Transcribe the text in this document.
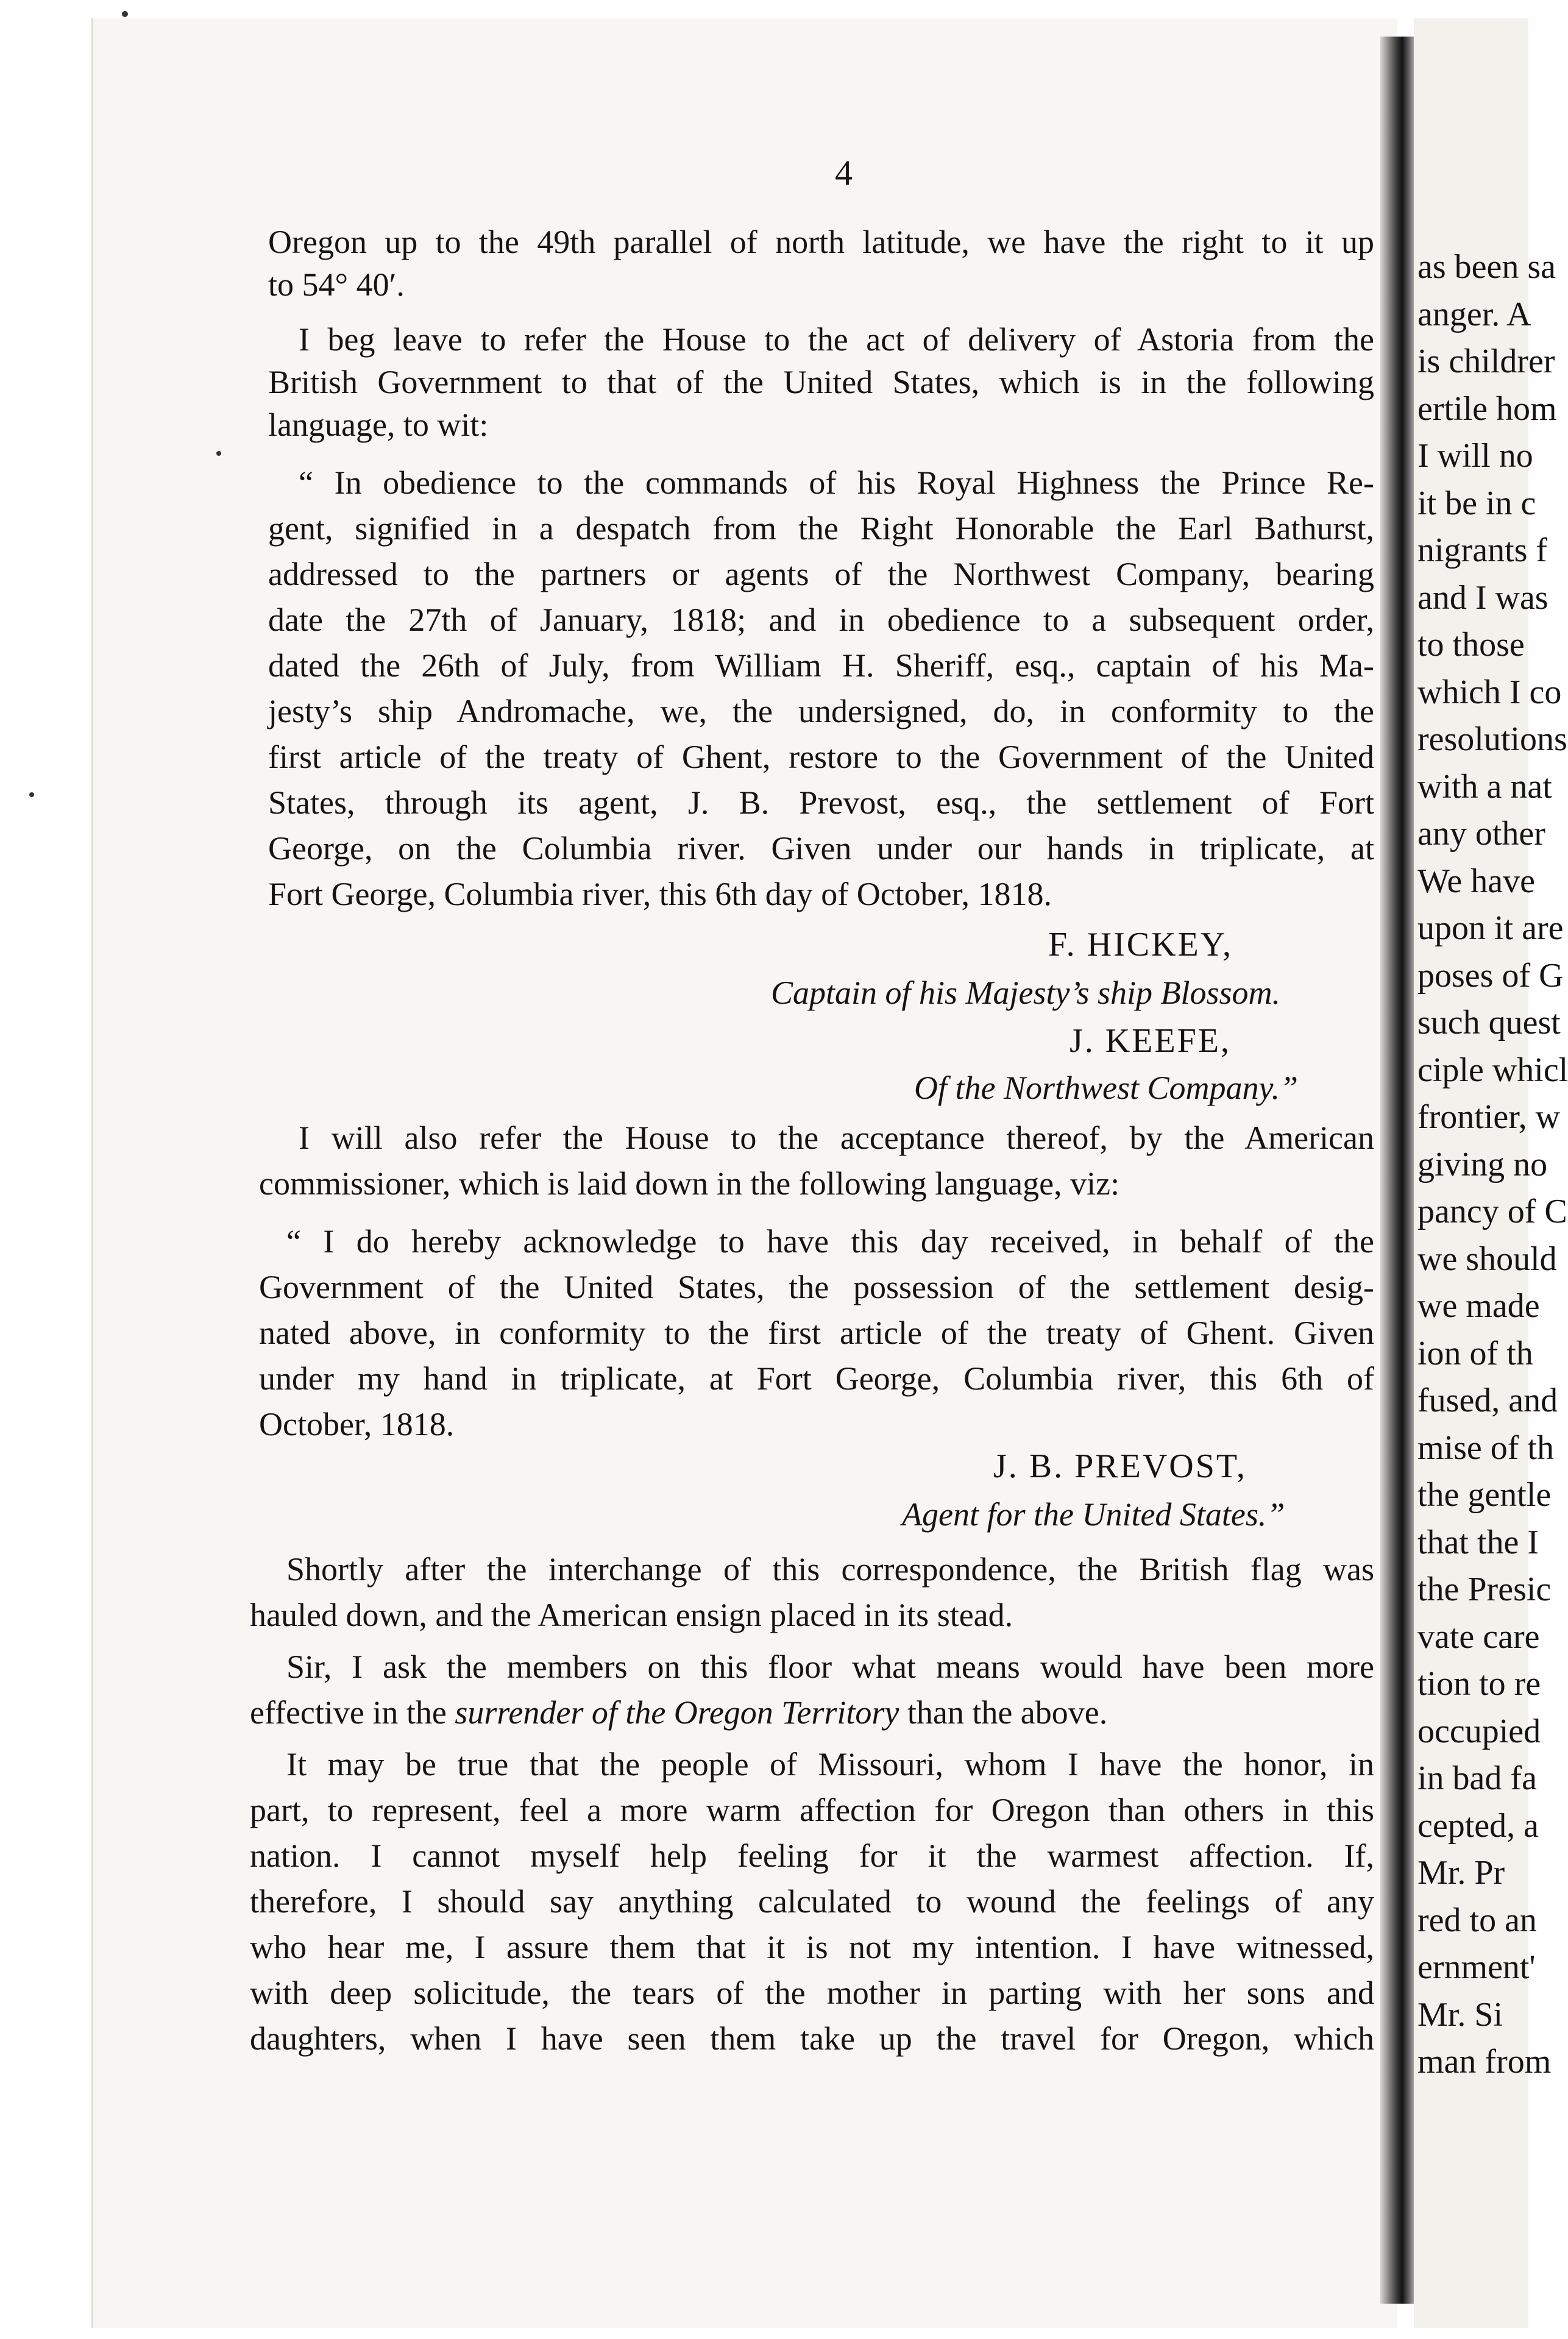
as been sa
anger. A
is childrer
ertile hom
I will no
it be in c
nigrants f
and I was
to those
which I co
resolutions
with a nat
any other
We have
upon it are
poses of G
such quest
ciple whicl
frontier, w
giving no
pancy of C
we should
we made
ion of th
fused, and
mise of th
the gentle
that the I
the Presic
vate care
tion to re
occupied
in bad fa
cepted, a
Mr. Pr
red to an
ernment'
Mr. Si
man from
4
Oregon up to the 49th parallel of north latitude, we have the right to it up
to 54° 40′.
I beg leave to refer the House to the act of delivery of Astoria from the
British Government to that of the United States, which is in the following
language, to wit:
“ In obedience to the commands of his Royal Highness the Prince Re-
gent, signified in a despatch from the Right Honorable the Earl Bathurst,
addressed to the partners or agents of the Northwest Company, bearing
date the 27th of January, 1818; and in obedience to a subsequent order,
dated the 26th of July, from William H. Sheriff, esq., captain of his Ma-
jesty’s ship Andromache, we, the undersigned, do, in conformity to the
first article of the treaty of Ghent, restore to the Government of the United
States, through its agent, J. B. Prevost, esq., the settlement of Fort
George, on the Columbia river. Given under our hands in triplicate, at
Fort George, Columbia river, this 6th day of October, 1818.
F. HICKEY,
Captain of his Majesty’s ship Blossom.
J. KEEFE,
Of the Northwest Company.”
I will also refer the House to the acceptance thereof, by the American
commissioner, which is laid down in the following language, viz:
“ I do hereby acknowledge to have this day received, in behalf of the
Government of the United States, the possession of the settlement desig-
nated above, in conformity to the first article of the treaty of Ghent. Given
under my hand in triplicate, at Fort George, Columbia river, this 6th of
October, 1818.
J. B. PREVOST,
Agent for the United States.”
Shortly after the interchange of this correspondence, the British flag was
hauled down, and the American ensign placed in its stead.
Sir, I ask the members on this floor what means would have been more
effective in the surrender of the Oregon Territory than the above.
It may be true that the people of Missouri, whom I have the honor, in
part, to represent, feel a more warm affection for Oregon than others in this
nation. I cannot myself help feeling for it the warmest affection. If,
therefore, I should say anything calculated to wound the feelings of any
who hear me, I assure them that it is not my intention. I have witnessed,
with deep solicitude, the tears of the mother in parting with her sons and
daughters, when I have seen them take up the travel for Oregon, which
